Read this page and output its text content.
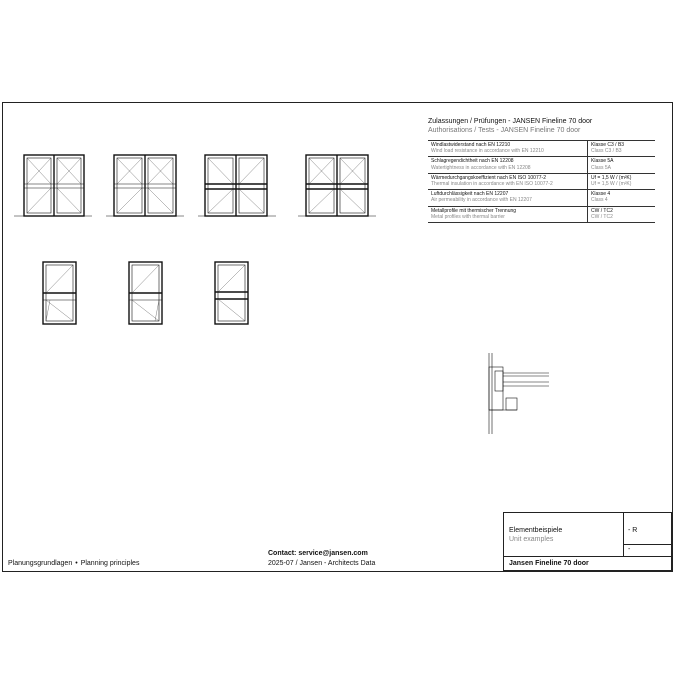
Zulassungen / Prüfungen - JANSEN Fineline 70 door
Authorisations / Tests - JANSEN Fineline 70 door
Windlastwiderstand nach EN 12210
Wind load resistance in accordance with EN 12210	Klasse C3 / B3
Class C3 / B3

Schlagregendichtheit nach EN 12208
Watertightness in accordance with EN 12208	Klasse 5A
Class 5A

Wärmedurchgangskoeffizient nach EN ISO 10077-2
Thermal insulation in accordance with EN ISO 10077-2	Uf = 1,5 W / (m²K)
Uf = 1,5 W / (m²K)

Luftdurchlässigkeit nach EN 12207
Air permeability in accordance with EN 12207	Klasse 4
Class 4

Metallprofile mit thermischer Trennung
Metal profiles with thermal barrier	CW / TC2
CW / TC2
Planungsgrundlagen • Planning principles
Contact: service@jansen.com
2025-07 / Jansen - Architects Data
Elementbeispiele
Unit examples
- R
-
Jansen Fineline 70 door
